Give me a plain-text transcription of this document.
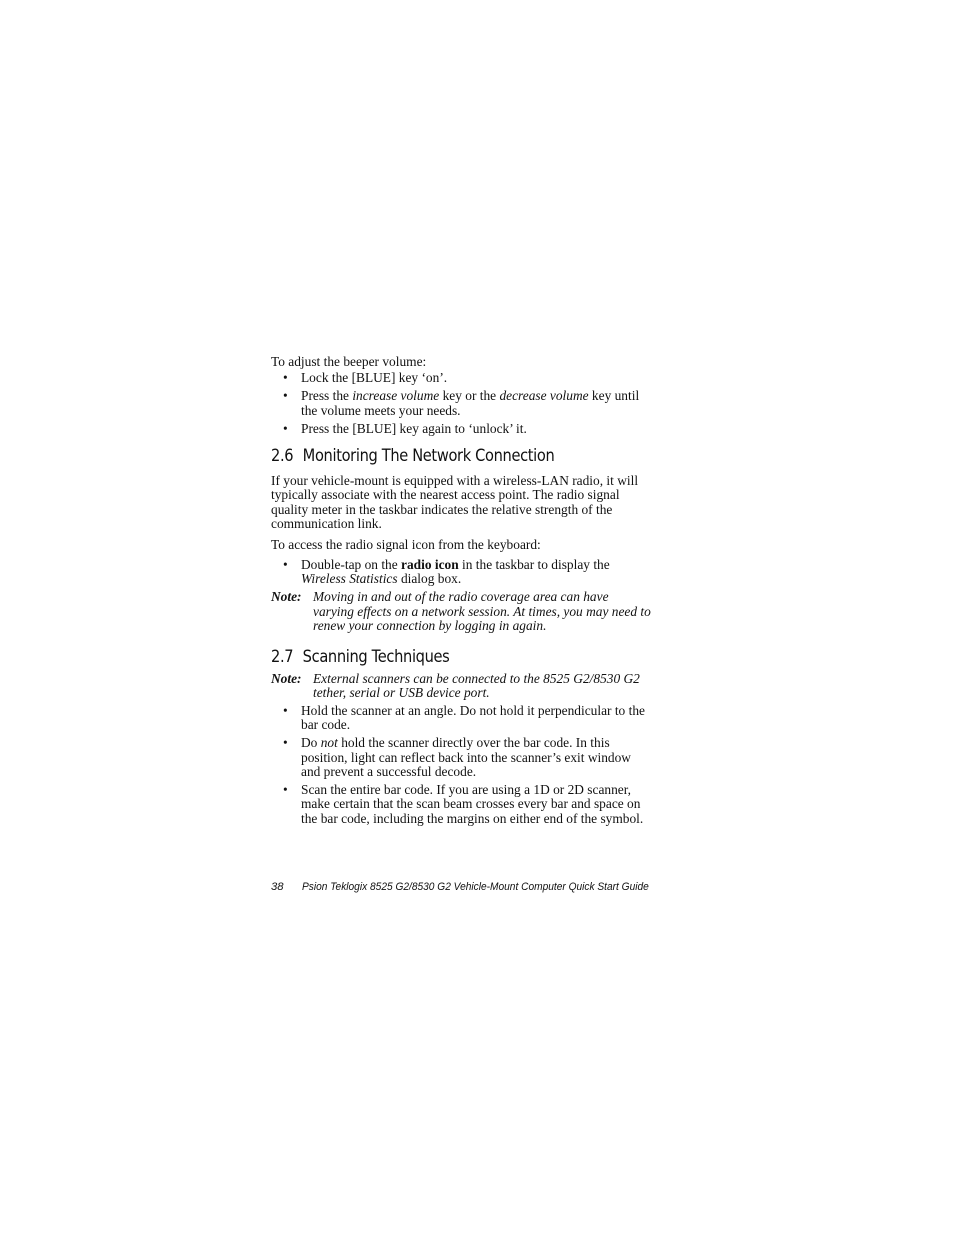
To adjust the beeper volume:

• Lock the [BLUE] key ‘on’.
• Press the increase volume key or the decrease volume key until the volume meets your needs.
• Press the [BLUE] key again to ‘unlock’ it.
2.6 Monitoring The Network Connection

If your vehicle-mount is equipped with a wireless-LAN radio, it will typically associate with the nearest access point. The radio signal quality meter in the taskbar indicates the relative strength of the communication link.

To access the radio signal icon from the keyboard:

• Double-tap on the radio icon in the taskbar to display the Wireless Statistics dialog box.
Note: Moving in and out of the radio coverage area can have varying effects on a network session. At times, you may need to renew your connection by logging in again.
2.7 Scanning Techniques
Note: External scanners can be connected to the 8525 G2/8530 G2 tether, serial or USB device port.
• Hold the scanner at an angle. Do not hold it perpendicular to the bar code.
• Do not hold the scanner directly over the bar code. In this position, light can reflect back into the scanner’s exit window and prevent a successful decode.
• Scan the entire bar code. If you are using a 1D or 2D scanner, make certain that the scan beam crosses every bar and space on the bar code, including the margins on either end of the symbol.
38 Psion Teklogix 8525 G2/8530 G2 Vehicle-Mount Computer Quick Start Guide
